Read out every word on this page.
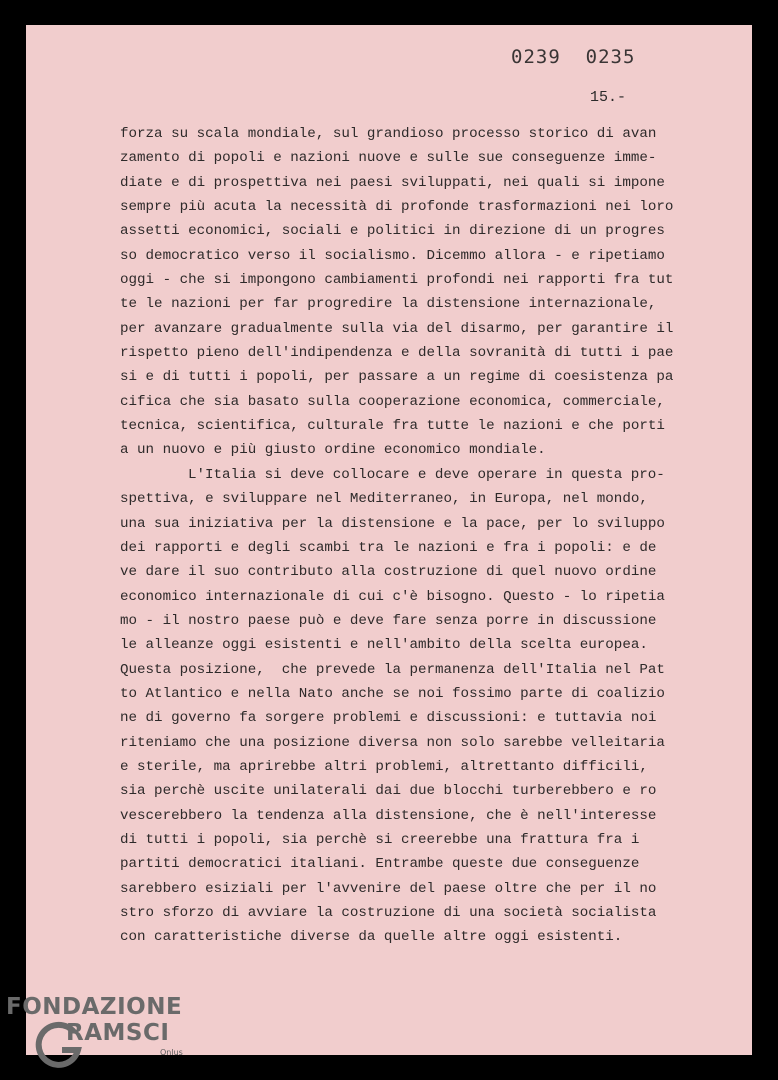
0239  0235

15.-

forza su scala mondiale, sul grandioso processo storico di avan
zamento di popoli e nazioni nuove e sulle sue conseguenze imme-
diate e di prospettiva nei paesi sviluppati, nei quali si impone
sempre più acuta la necessità di profonde trasformazioni nei loro
assetti economici, sociali e politici in direzione di un progres
so democratico verso il socialismo. Dicemmo allora - e ripetiamo
oggi - che si impongono cambiamenti profondi nei rapporti fra tut
te le nazioni per far progredire la distensione internazionale,
per avanzare gradualmente sulla via del disarmo, per garantire il
rispetto pieno dell'indipendenza e della sovranità di tutti i pae
si e di tutti i popoli, per passare a un regime di coesistenza pa
cifica che sia basato sulla cooperazione economica, commerciale,
tecnica, scientifica, culturale fra tutte le nazioni e che porti
a un nuovo e più giusto ordine economico mondiale.
L'Italia si deve collocare e deve operare in questa pro-
spettiva, e sviluppare nel Mediterraneo, in Europa, nel mondo,
una sua iniziativa per la distensione e la pace, per lo sviluppo
dei rapporti e degli scambi tra le nazioni e fra i popoli: e de
ve dare il suo contributo alla costruzione di quel nuovo ordine
economico internazionale di cui c'è bisogno. Questo - lo ripetia
mo - il nostro paese può e deve fare senza porre in discussione
le alleanze oggi esistenti e nell'ambito della scelta europea.
Questa posizione,  che prevede la permanenza dell'Italia nel Pat
to Atlantico e nella Nato anche se noi fossimo parte di coalizio
ne di governo fa sorgere problemi e discussioni: e tuttavia noi
riteniamo che una posizione diversa non solo sarebbe velleitaria
e sterile, ma aprirebbe altri problemi, altrettanto difficili,
sia perchè uscite unilaterali dai due blocchi turberebbero e ro
vescerebbero la tendenza alla distensione, che è nell'interesse
di tutti i popoli, sia perchè si creerebbe una frattura fra i
partiti democratici italiani. Entrambe queste due conseguenze
sarebbero esiziali per l'avvenire del paese oltre che per il no
stro sforzo di avviare la costruzione di una società socialista
con caratteristiche diverse da quelle altre oggi esistenti.
FONDAZIONE
RAMSCI
Onlus
